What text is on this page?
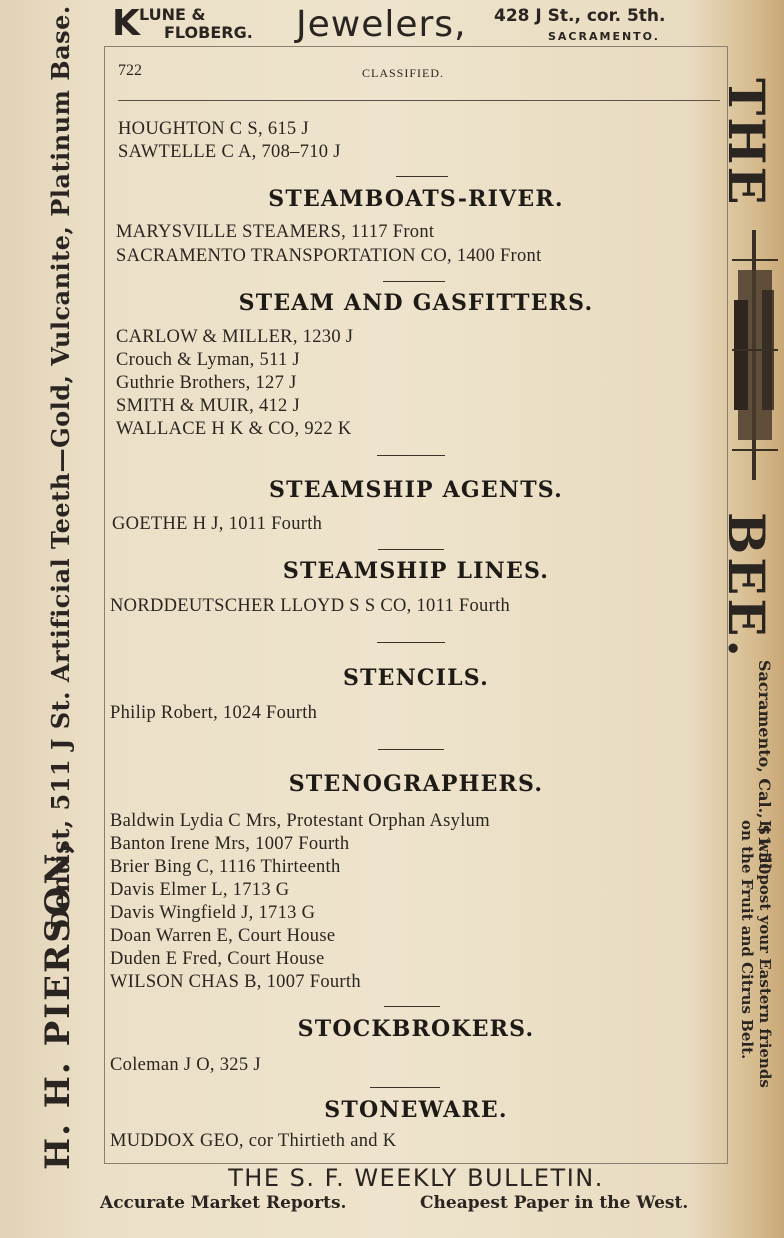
K LUNE &
FLOBERG. Jewelers, 428 J St., cor. 5th.
SACRAMENTO.
722	CLASSIFIED.
HOUGHTON C S, 615 J
SAWTELLE C A, 708–710 J
STEAMBOATS-RIVER.
MARYSVILLE STEAMERS, 1117 Front
SACRAMENTO TRANSPORTATION CO, 1400 Front
STEAM AND GASFITTERS.
CARLOW & MILLER, 1230 J
Crouch & Lyman, 511 J
Guthrie Brothers, 127 J
SMITH & MUIR, 412 J
WALLACE H K & CO, 922 K
STEAMSHIP AGENTS.
GOETHE H J, 1011 Fourth
STEAMSHIP LINES.
NORDDEUTSCHER LLOYD S S CO, 1011 Fourth
STENCILS.
Philip Robert, 1024 Fourth
STENOGRAPHERS.
Baldwin Lydia C Mrs, Protestant Orphan Asylum
Banton Irene Mrs, 1007 Fourth
Brier Bing C, 1116 Thirteenth
Davis Elmer L, 1713 G
Davis Wingfield J, 1713 G
Doan Warren E, Court House
Duden E Fred, Court House
WILSON CHAS B, 1007 Fourth
STOCKBROKERS.
Coleman J O, 325 J
STONEWARE.
MUDDOX GEO, cor Thirtieth and K
H. H. PIERSON,
Dentist, 511 J St. Artificial Teeth—Gold, Vulcanite, Platinum Base.	THE
BEE.
Sacramento, Cal., $1.50.
It will post your Eastern friends
on the Fruit and Citrus Belt.
THE S. F. WEEKLY BULLETIN.
Accurate Market Reports.	Cheapest Paper in the West.
